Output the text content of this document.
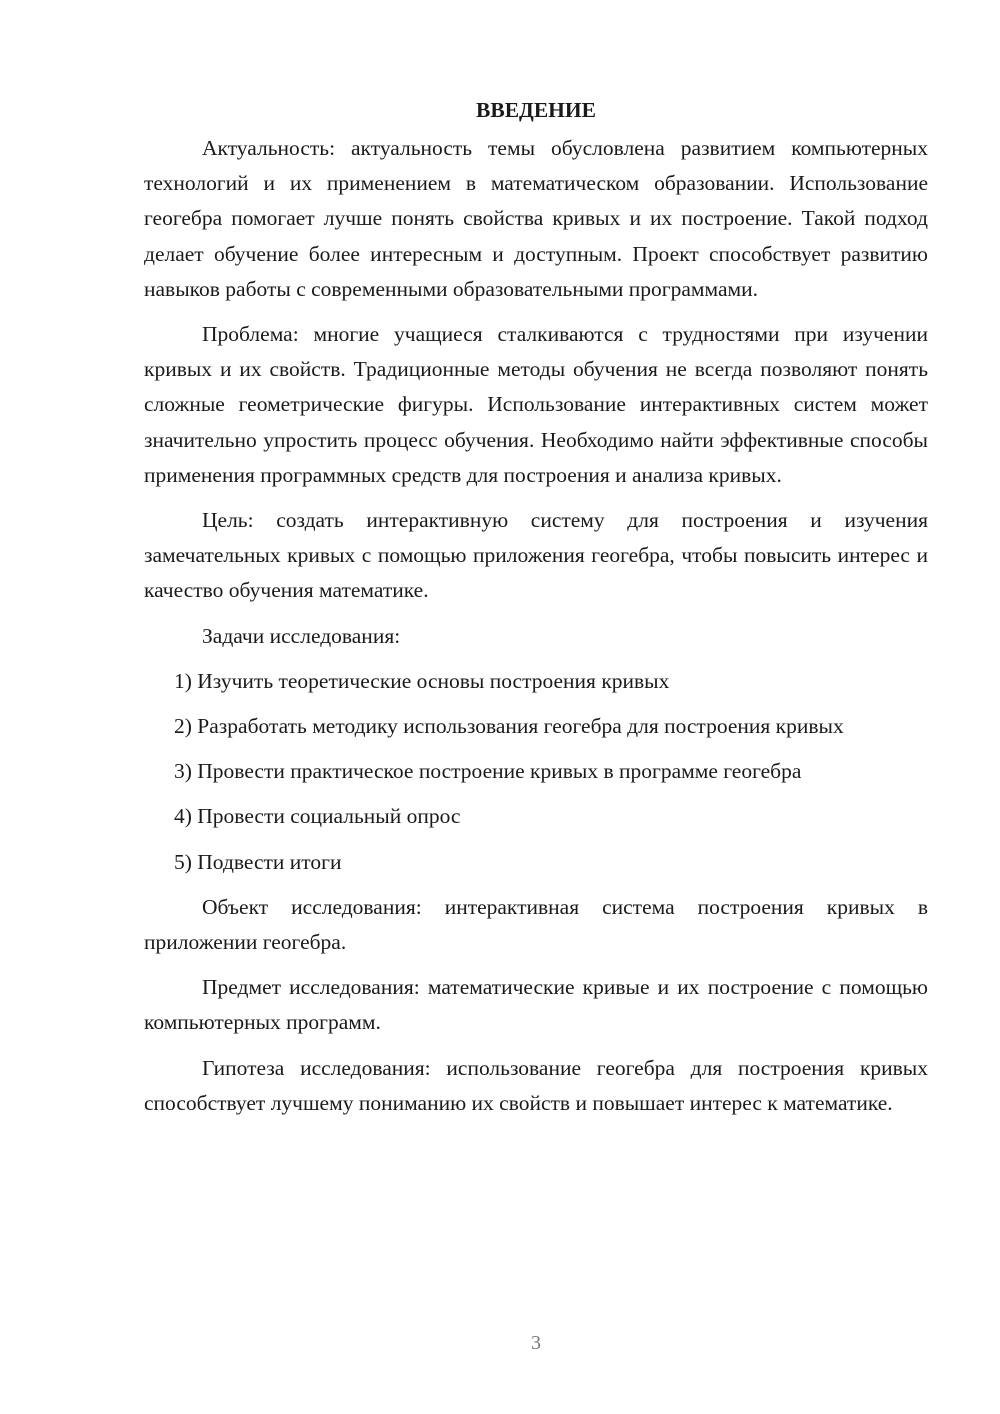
ВВЕДЕНИЕ

Актуальность: актуальность темы обусловлена развитием компьютерных технологий и их применением в математическом образовании. Использование геогебра помогает лучше понять свойства кривых и их построение. Такой подход делает обучение более интересным и доступным. Проект способствует развитию навыков работы с современными образовательными программами.

Проблема: многие учащиеся сталкиваются с трудностями при изучении кривых и их свойств. Традиционные методы обучения не всегда позволяют понять сложные геометрические фигуры. Использование интерактивных систем может значительно упростить процесс обучения. Необходимо найти эффективные способы применения программных средств для построения и анализа кривых.

Цель: создать интерактивную систему для построения и изучения замечательных кривых с помощью приложения геогебра, чтобы повысить интерес и качество обучения математике.

Задачи исследования:

1) Изучить теоретические основы построения кривых

2) Разработать методику использования геогебра для построения кривых

3) Провести практическое построение кривых в программе геогебра

4) Провести социальный опрос

5) Подвести итоги

Объект исследования: интерактивная система построения кривых в приложении геогебра.

Предмет исследования: математические кривые и их построение с помощью компьютерных программ.

Гипотеза исследования: использование геогебра для построения кривых способствует лучшему пониманию их свойств и повышает интерес к математике.

3
